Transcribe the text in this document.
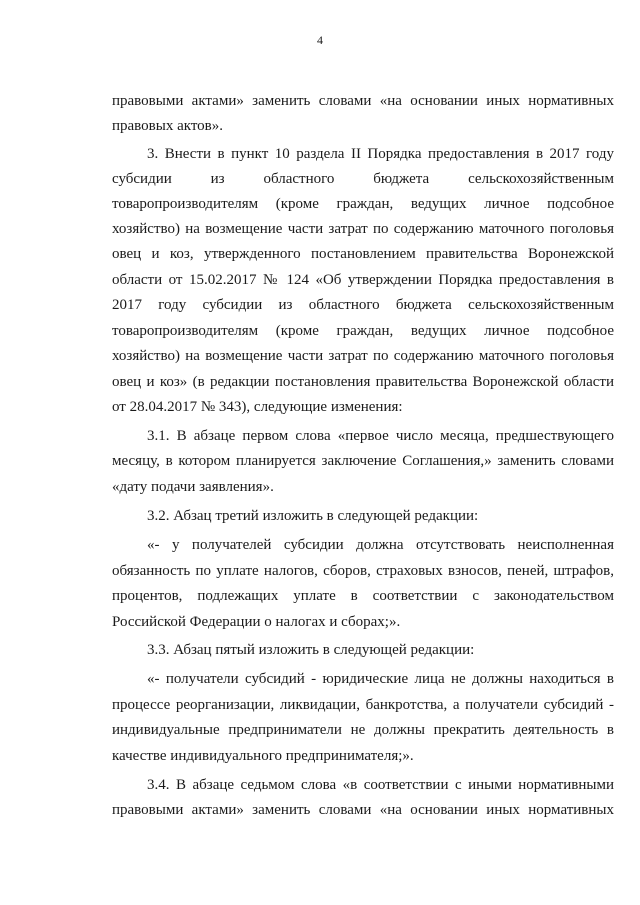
4
правовыми актами» заменить словами «на основании иных нормативных
правовых актов».
3. Внести в пункт 10 раздела II Порядка предоставления в 2017 году
субсидии из областного бюджета сельскохозяйственным
товаропроизводителям (кроме граждан, ведущих личное подсобное
хозяйство) на возмещение части затрат по содержанию маточного поголовья
овец и коз, утвержденного постановлением правительства Воронежской
области от 15.02.2017 № 124 «Об утверждении Порядка предоставления в
2017 году субсидии из областного бюджета сельскохозяйственным
товаропроизводителям (кроме граждан, ведущих личное подсобное
хозяйство) на возмещение части затрат по содержанию маточного поголовья
овец и коз» (в редакции постановления правительства Воронежской области
от 28.04.2017 № 343), следующие изменения:
3.1. В абзаце первом слова «первое число месяца, предшествующего
месяцу, в котором планируется заключение Соглашения,» заменить словами
«дату подачи заявления».
3.2. Абзац третий изложить в следующей редакции:
«- у получателей субсидии должна отсутствовать неисполненная
обязанность по уплате налогов, сборов, страховых взносов, пеней, штрафов,
процентов, подлежащих уплате в соответствии с законодательством
Российской Федерации о налогах и сборах;».
3.3. Абзац пятый изложить в следующей редакции:
«- получатели субсидий - юридические лица не должны находиться в
процессе реорганизации, ликвидации, банкротства, а получатели субсидий -
индивидуальные предприниматели не должны прекратить деятельность в
качестве индивидуального предпринимателя;».
3.4. В абзаце седьмом слова «в соответствии с иными нормативными
правовыми актами» заменить словами «на основании иных нормативных
